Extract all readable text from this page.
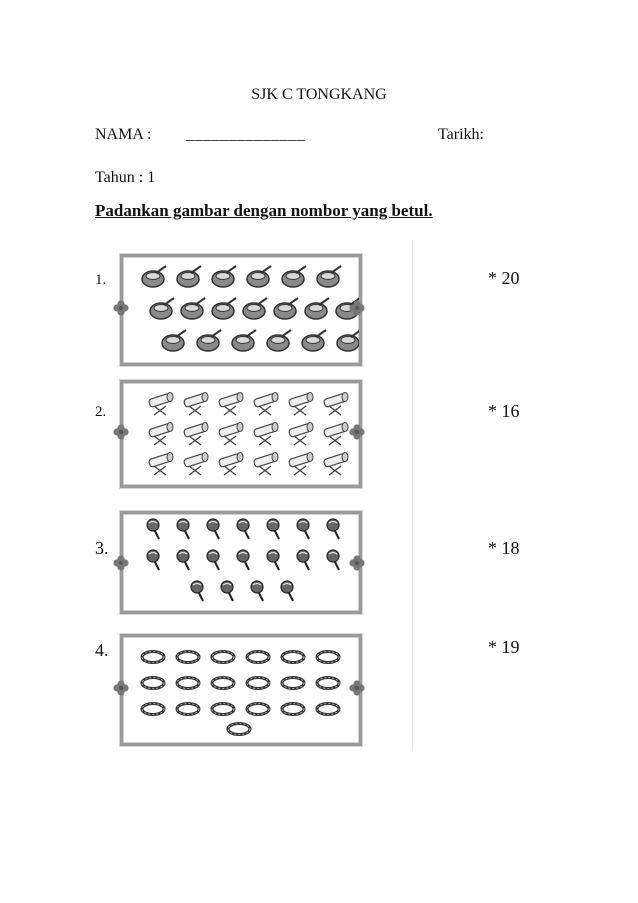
SJK C TONGKANG
NAMA : ______________	Tarikh:
Tahun : 1
Padankan gambar dengan nombor yang betul.
1.
2.
3.
4.
* 20
* 16
* 18
* 19
